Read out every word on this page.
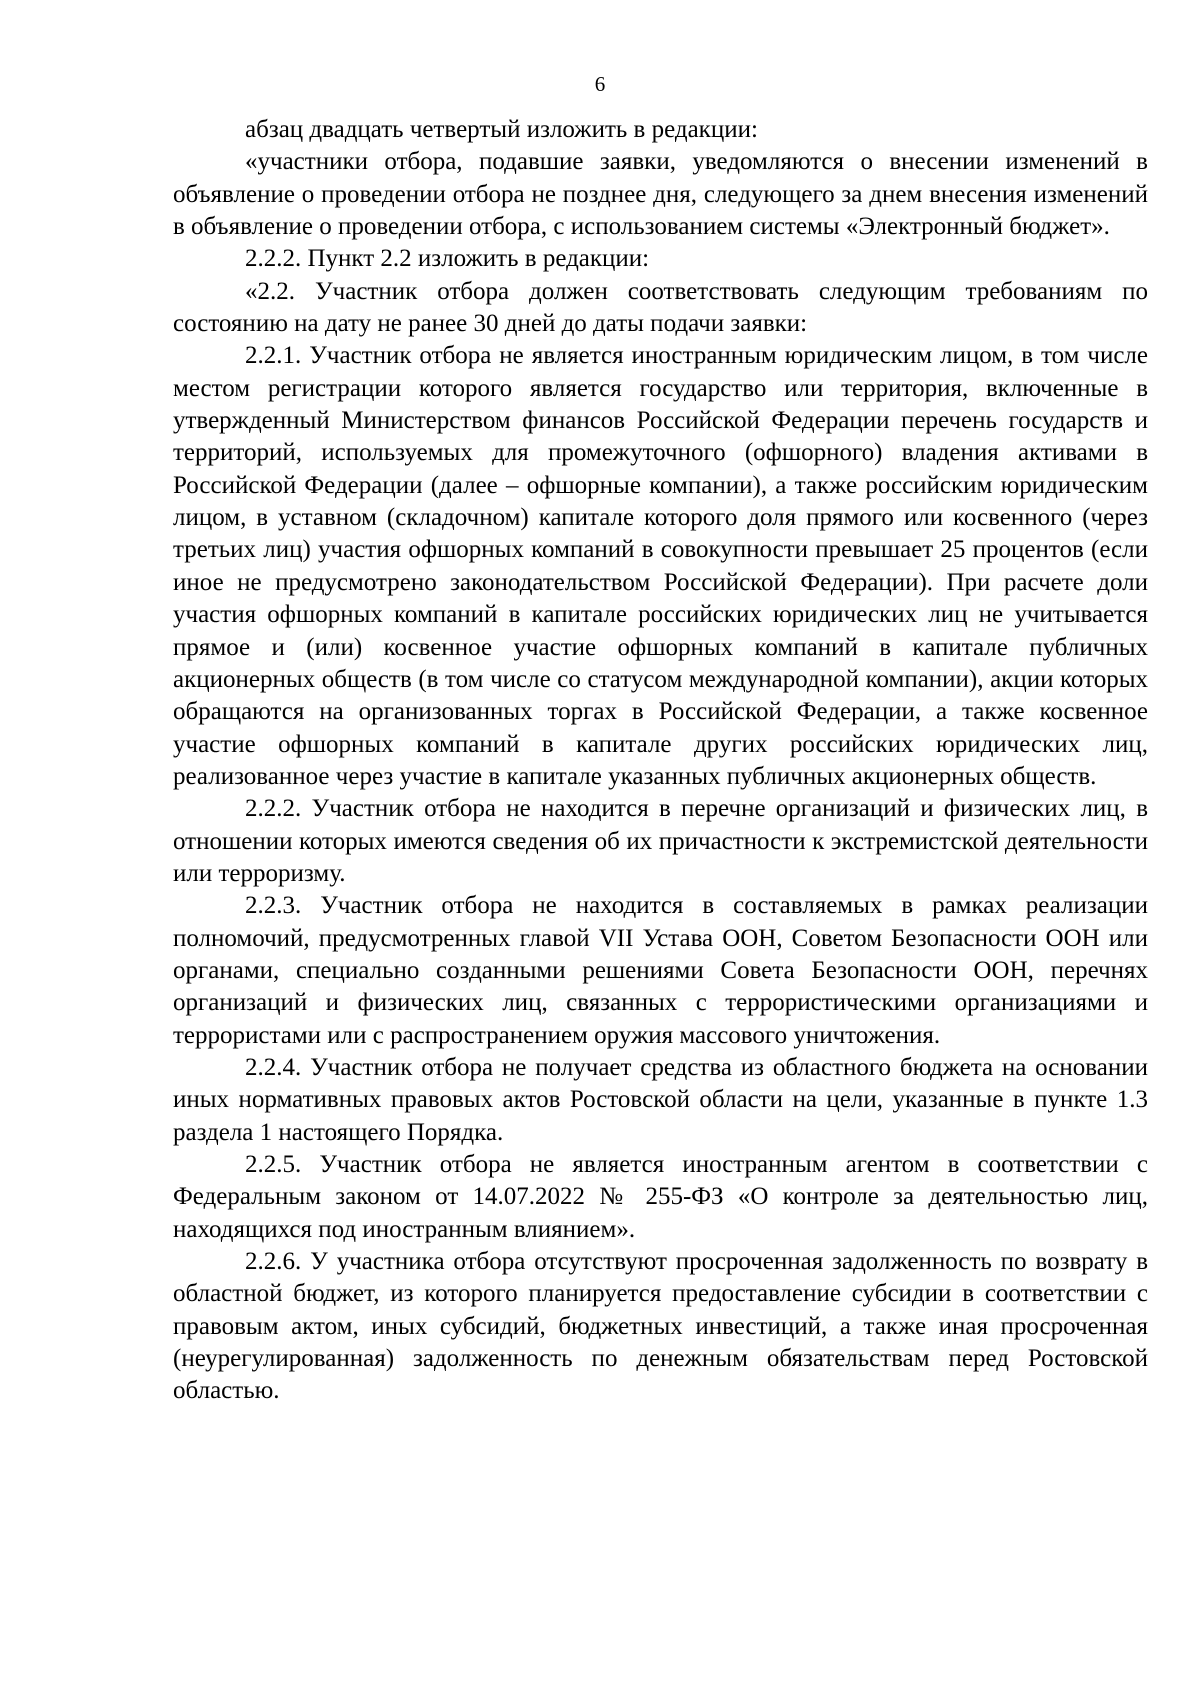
6

абзац двадцать четвертый изложить в редакции:

«участники отбора, подавшие заявки, уведомляются о внесении изменений в объявление о проведении отбора не позднее дня, следующего за днем внесения изменений в объявление о проведении отбора, с использованием системы «Электронный бюджет».

2.2.2. Пункт 2.2 изложить в редакции:

«2.2. Участник отбора должен соответствовать следующим требованиям по состоянию на дату не ранее 30 дней до даты подачи заявки:

2.2.1. Участник отбора не является иностранным юридическим лицом, в том числе местом регистрации которого является государство или территория, включенные в утвержденный Министерством финансов Российской Федерации перечень государств и территорий, используемых для промежуточного (офшорного) владения активами в Российской Федерации (далее – офшорные компании), а также российским юридическим лицом, в уставном (складочном) капитале которого доля прямого или косвенного (через третьих лиц) участия офшорных компаний в совокупности превышает 25 процентов (если иное не предусмотрено законодательством Российской Федерации). При расчете доли участия офшорных компаний в капитале российских юридических лиц не учитывается прямое и (или) косвенное участие офшорных компаний в капитале публичных акционерных обществ (в том числе со статусом международной компании), акции которых обращаются на организованных торгах в Российской Федерации, а также косвенное участие офшорных компаний в капитале других российских юридических лиц, реализованное через участие в капитале указанных публичных акционерных обществ.

2.2.2. Участник отбора не находится в перечне организаций и физических лиц, в отношении которых имеются сведения об их причастности к экстремистской деятельности или терроризму.

2.2.3. Участник отбора не находится в составляемых в рамках реализации полномочий, предусмотренных главой VII Устава ООН, Советом Безопасности ООН или органами, специально созданными решениями Совета Безопасности ООН, перечнях организаций и физических лиц, связанных с террористическими организациями и террористами или с распространением оружия массового уничтожения.

2.2.4. Участник отбора не получает средства из областного бюджета на основании иных нормативных правовых актов Ростовской области на цели, указанные в пункте 1.3 раздела 1 настоящего Порядка.

2.2.5. Участник отбора не является иностранным агентом в соответствии с Федеральным законом от 14.07.2022 № 255-ФЗ «О контроле за деятельностью лиц, находящихся под иностранным влиянием».

2.2.6. У участника отбора отсутствуют просроченная задолженность по возврату в областной бюджет, из которого планируется предоставление субсидии в соответствии с правовым актом, иных субсидий, бюджетных инвестиций, а также иная просроченная (неурегулированная) задолженность по денежным обязательствам перед Ростовской областью.
